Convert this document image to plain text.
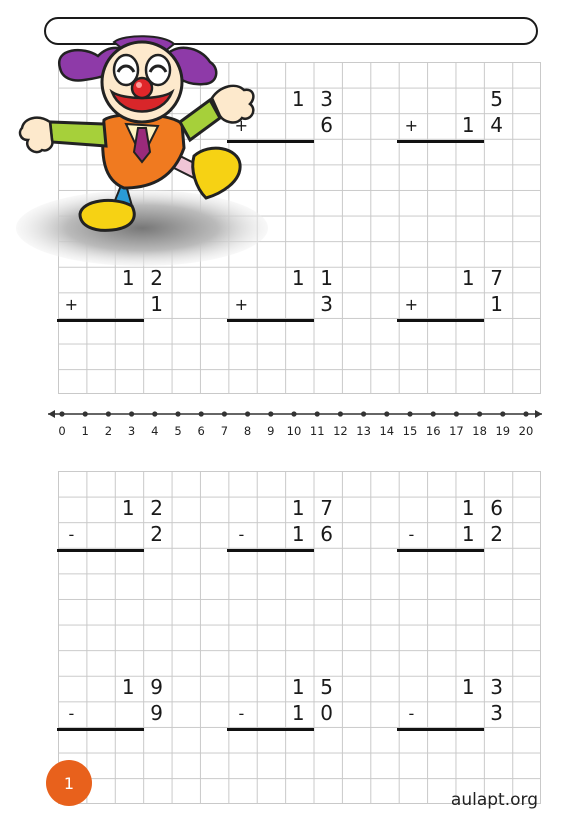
1 3
6
+
5
1 4
+
1 2
1
+
1 1
3
+
1 7
1
+
1 2
2
-
1 7
1 6
-
1 6
1 2
-
1 9
9
-
1 5
1 0
-
1 3
3
-
0 1 2 3 4 5 6 7 8 9 10 11 12 13 14 15 16 17 18 19 20
1
aulapt.org
